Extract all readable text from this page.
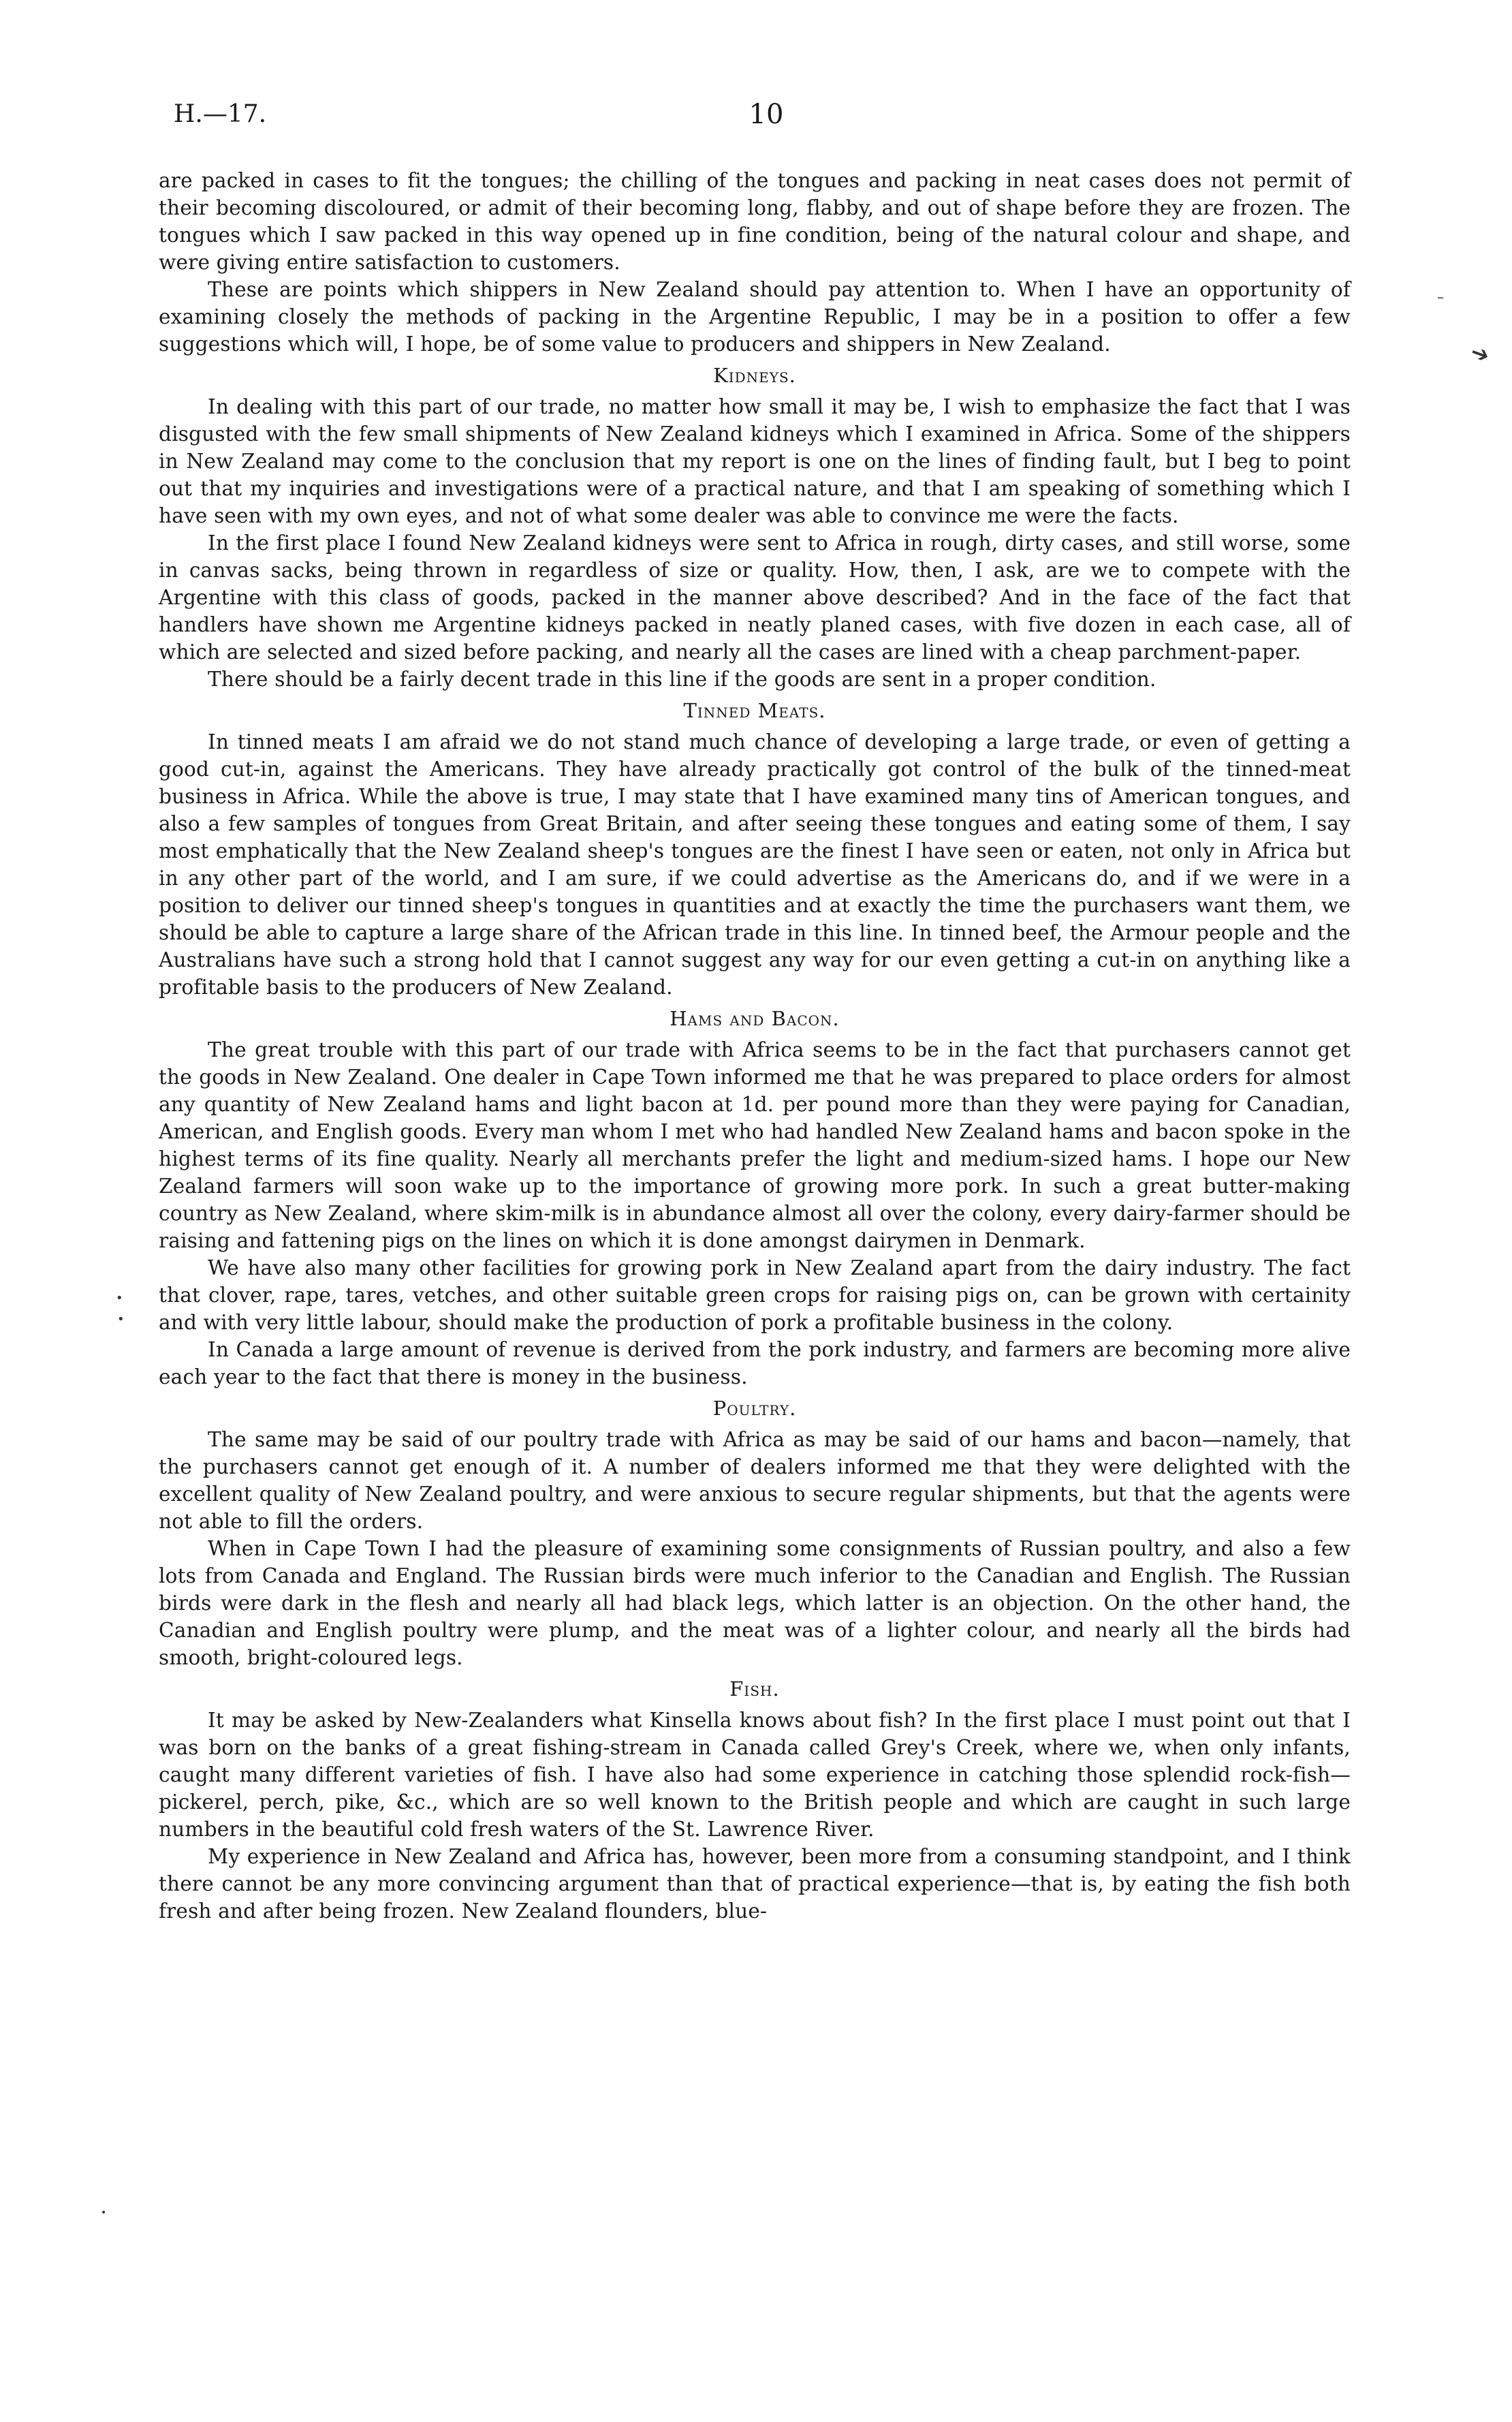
H.—17.	10

are packed in cases to fit the tongues; the chilling of the tongues and packing in neat cases does not permit of their becoming discoloured, or admit of their becoming long, flabby, and out of shape before they are frozen. The tongues which I saw packed in this way opened up in fine condition, being of the natural colour and shape, and were giving entire satisfaction to customers.

These are points which shippers in New Zealand should pay attention to. When I have an opportunity of examining closely the methods of packing in the Argentine Republic, I may be in a position to offer a few suggestions which will, I hope, be of some value to producers and shippers in New Zealand.

Kidneys.

In dealing with this part of our trade, no matter how small it may be, I wish to emphasize the fact that I was disgusted with the few small shipments of New Zealand kidneys which I examined in Africa. Some of the shippers in New Zealand may come to the conclusion that my report is one on the lines of finding fault, but I beg to point out that my inquiries and investigations were of a practical nature, and that I am speaking of something which I have seen with my own eyes, and not of what some dealer was able to convince me were the facts.

In the first place I found New Zealand kidneys were sent to Africa in rough, dirty cases, and still worse, some in canvas sacks, being thrown in regardless of size or quality. How, then, I ask, are we to compete with the Argentine with this class of goods, packed in the manner above described? And in the face of the fact that handlers have shown me Argentine kidneys packed in neatly planed cases, with five dozen in each case, all of which are selected and sized before packing, and nearly all the cases are lined with a cheap parchment-paper.

There should be a fairly decent trade in this line if the goods are sent in a proper condition.

Tinned Meats.

In tinned meats I am afraid we do not stand much chance of developing a large trade, or even of getting a good cut-in, against the Americans. They have already practically got control of the bulk of the tinned-meat business in Africa. While the above is true, I may state that I have examined many tins of American tongues, and also a few samples of tongues from Great Britain, and after seeing these tongues and eating some of them, I say most emphatically that the New Zealand sheep's tongues are the finest I have seen or eaten, not only in Africa but in any other part of the world, and I am sure, if we could advertise as the Americans do, and if we were in a position to deliver our tinned sheep's tongues in quantities and at exactly the time the purchasers want them, we should be able to capture a large share of the African trade in this line. In tinned beef, the Armour people and the Australians have such a strong hold that I cannot suggest any way for our even getting a cut-in on anything like a profitable basis to the producers of New Zealand.

Hams and Bacon.

The great trouble with this part of our trade with Africa seems to be in the fact that purchasers cannot get the goods in New Zealand. One dealer in Cape Town informed me that he was prepared to place orders for almost any quantity of New Zealand hams and light bacon at 1d. per pound more than they were paying for Canadian, American, and English goods. Every man whom I met who had handled New Zealand hams and bacon spoke in the highest terms of its fine quality. Nearly all merchants prefer the light and medium-sized hams. I hope our New Zealand farmers will soon wake up to the importance of growing more pork. In such a great butter-making country as New Zealand, where skim-milk is in abundance almost all over the colony, every dairy-farmer should be raising and fattening pigs on the lines on which it is done amongst dairymen in Denmark.

We have also many other facilities for growing pork in New Zealand apart from the dairy industry. The fact that clover, rape, tares, vetches, and other suitable green crops for raising pigs on, can be grown with certainity and with very little labour, should make the production of pork a profitable business in the colony.

In Canada a large amount of revenue is derived from the pork industry, and farmers are becoming more alive each year to the fact that there is money in the business.

Poultry.

The same may be said of our poultry trade with Africa as may be said of our hams and bacon—namely, that the purchasers cannot get enough of it. A number of dealers informed me that they were delighted with the excellent quality of New Zealand poultry, and were anxious to secure regular shipments, but that the agents were not able to fill the orders.

When in Cape Town I had the pleasure of examining some consignments of Russian poultry, and also a few lots from Canada and England. The Russian birds were much inferior to the Canadian and English. The Russian birds were dark in the flesh and nearly all had black legs, which latter is an objection. On the other hand, the Canadian and English poultry were plump, and the meat was of a lighter colour, and nearly all the birds had smooth, bright-coloured legs.

Fish.

It may be asked by New-Zealanders what Kinsella knows about fish? In the first place I must point out that I was born on the banks of a great fishing-stream in Canada called Grey's Creek, where we, when only infants, caught many different varieties of fish. I have also had some experience in catching those splendid rock-fish—pickerel, perch, pike, &c., which are so well known to the British people and which are caught in such large numbers in the beautiful cold fresh waters of the St. Lawrence River.

My experience in New Zealand and Africa has, however, been more from a consuming standpoint, and I think there cannot be any more convincing argument than that of practical experience—that is, by eating the fish both fresh and after being frozen. New Zealand flounders, blue-

–
➔
•
•
•
